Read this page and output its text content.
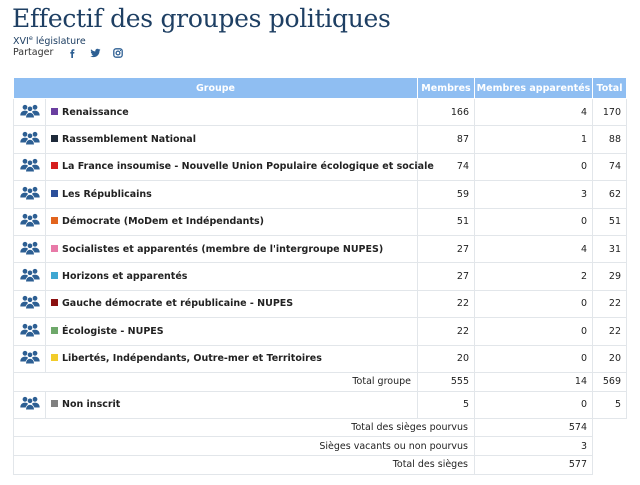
Effectif des groupes politiques
XVIe législature
Partager
Groupe		Membres	Membres apparentés	Total
	Renaissance	166	4	170
	Rassemblement National	87	1	88
	La France insoumise - Nouvelle Union Populaire écologique et sociale	74	0	74
	Les Républicains	59	3	62
	Démocrate (MoDem et Indépendants)	51	0	51
	Socialistes et apparentés (membre de l'intergroupe NUPES)	27	4	31
	Horizons et apparentés	27	2	29
	Gauche démocrate et républicaine - NUPES	22	0	22
	Écologiste - NUPES	22	0	22
	Libertés, Indépendants, Outre-mer et Territoires	20	0	20
Total groupe		555	14	569
	Non inscrit	5	0	5
Total des sièges pourvus			574	
Sièges vacants ou non pourvus			3	
Total des sièges			577	
